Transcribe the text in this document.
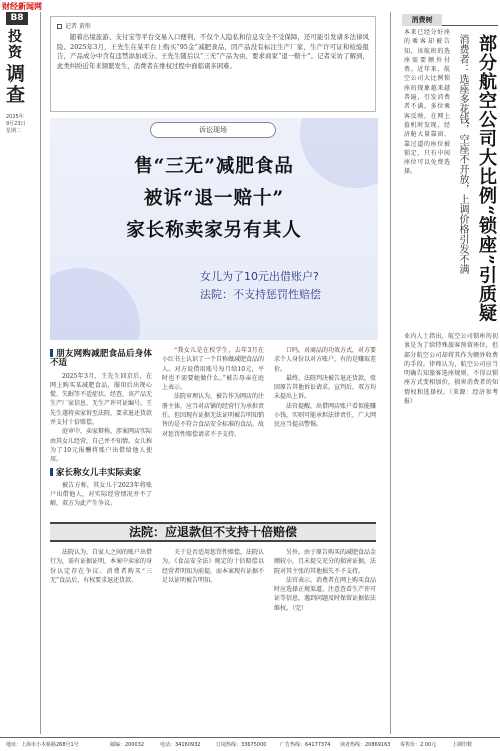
财经新闻网
B8
投资
调查
2025年
9月23日
星期二
记者 黄彤
随着出境旅游、支付宝等平台交易入口便利，不仅个人隐私和信息安全不受保障，还可能引发诸多法律风险。2025年3月，王先生在某平台上购买“95金”减肥食品，因产品没有标注生产厂家、生产许可证和检验报告，产品成分中含有违禁添加成分。王先生随后以“三无”产品为由，要求商家“退一赔十”。记者采访了解到，此类纠纷近年来频繁发生，消费者在维权过程中面临诸多困难。
诉讼现场
售“三无”减肥食品
被诉“退一赔十”
家长称卖家另有其人
女儿为了10元出借账户?
法院：不支持惩罚性赔偿
朋友网购减肥食品后身体不适

2025年3月，王先生回京后，在网上购买某减肥食品，服用后出现心慌、失眠等不适症状。经查，该产品无生产厂家信息、无生产许可证编号。王先生遂将卖家诉至法院，要求退还货款并支付十倍赔偿。

庭审中，卖家辩称，涉案网店实际由其女儿经营，自己并不知情。女儿称为了10元报酬将账户出借给他人使用。

家长称女儿丰实际卖家

被告方称，其女儿于2023年将账户出借他人，对实际经营情况并不了解，双方为此产生争议。

“我女儿是在校学生，去年3月在小红书上认识了一个自称做减肥食品的人。对方说借用账号每月给10元，平时也不需要她做什么。”被告母亲在庭上表示。

法院审理认为，被告作为网店的注册主体，应当对店铺的经营行为承担责任。但因现有证据无法证明被告明知销售的是不符合食品安全标准的食品，故对惩罚性赔偿请求不予支持。

口吗，对商品的功效方式，对方要求个人身份以对方账户，有的是赚取差价。

最终，法院判决被告退还货款，驳回原告其他诉讼请求。宣判后，双方均未提出上诉。

法官提醒，出借网店账户看似能赚小钱，实则可能承担法律责任，广大网民应当提高警惕。

法院：应退款但不支持十倍赔偿

法院认为，自家人之间的账户出借行为，需有证据证明，本案中卖家的身份认定存在争议。消费者购买“三无”食品后，有权要求退还货款。

关于是否适用惩罚性赔偿，法院认为，《食品安全法》规定的十倍赔偿以经营者明知为前提，而本案现有证据不足以证明被告明知。

另外，由于原告购买的减肥食品金额较小，且未提交充分的损害证据，法院对其主张的其他损失不予支持。

法官表示，消费者在网上购买食品时应选择正规渠道，注意查看生产许可证等信息，遇到问题及时保留证据依法维权。（完）

消费树
部分航空公司大比例“锁座”引质疑
消费者：选座多花钱，空座不开放，上调价格引发不满
本来已经分好座的乘客却被告知，该航班的选座需要额外付费。近年来，航空公司大比例锁座的现象越来越普遍，引发消费者不满。多位乘客反映，在网上值机时发现，经济舱大量靠窗、靠过道的座位被锁定，只有中间座位可以免费选择。
业内人士指出，航空公司锁座的初衷是为了给特殊旅客预留座位，但部分航空公司却将其作为额外收费的手段。律师认为，航空公司应当明确告知旅客选座规则，不得以锁座方式变相加价，损害消费者的知情权和选择权。（来源：经济参考报）
地址：上海市小木桥路268号1号	邮编：200032	电话：34160932	订阅热线：33675000	广告热线：64177374 读者热线：20869163 零售价：2.00元	上期印数
